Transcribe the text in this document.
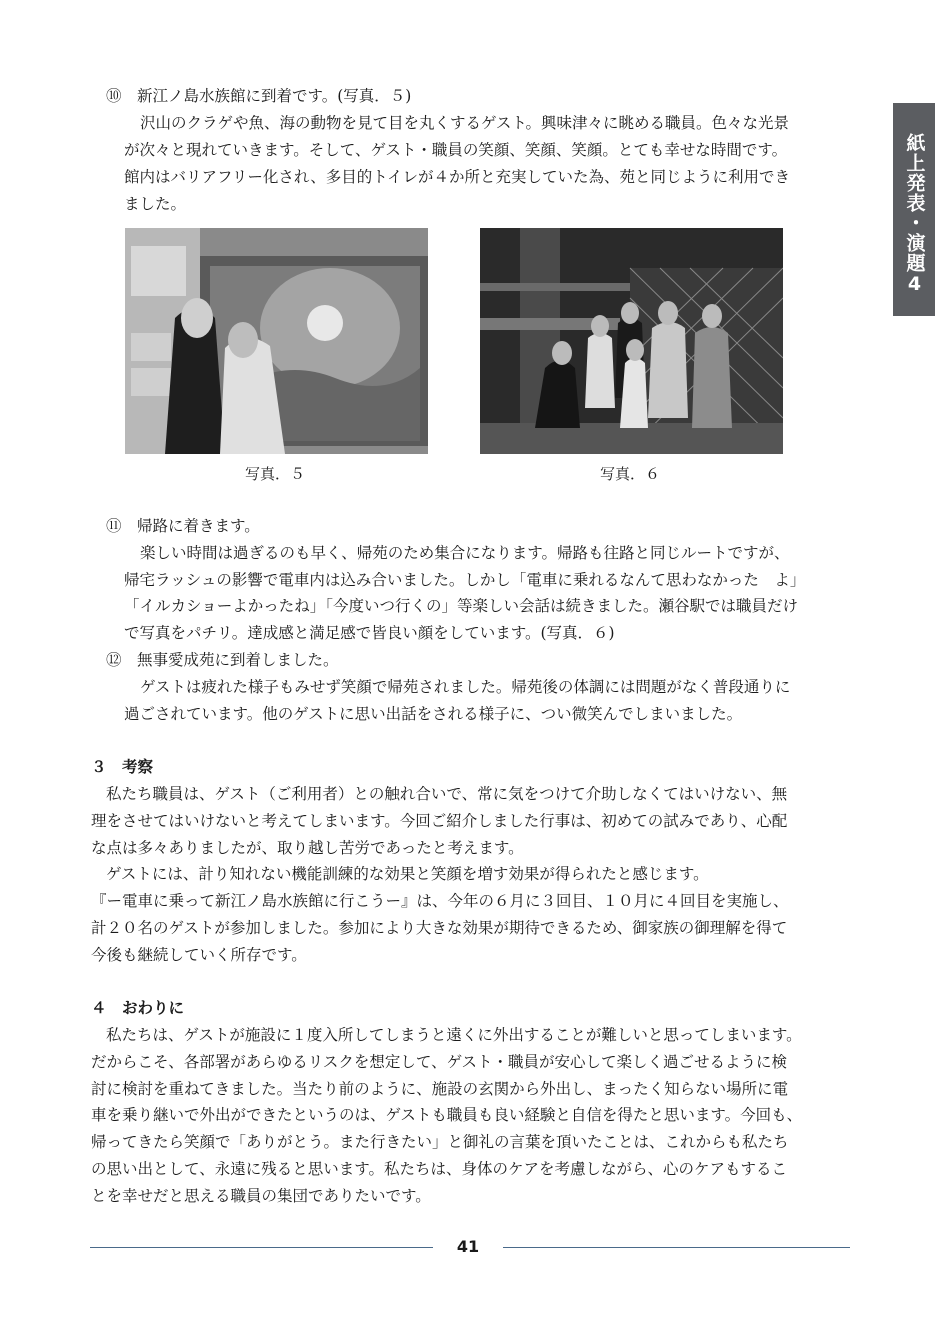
紙上発表・演題4
⑩　新江ノ島水族館に到着です。(写真．５)
沢山のクラゲや魚、海の動物を見て目を丸くするゲスト。興味津々に眺める職員。色々な光景
が次々と現れていきます。そして、ゲスト・職員の笑顔、笑顔、笑顔。とても幸せな時間です。
館内はバリアフリー化され、多目的トイレが４か所と充実していた為、苑と同じように利用でき
ました。
写真．５	写真．６
⑪　帰路に着きます。
楽しい時間は過ぎるのも早く、帰苑のため集合になります。帰路も往路と同じルートですが、
帰宅ラッシュの影響で電車内は込み合いました。しかし「電車に乗れるなんて思わなかった　よ」
「イルカショーよかったね」「今度いつ行くの」等楽しい会話は続きました。瀬谷駅では職員だけ
で写真をパチリ。達成感と満足感で皆良い顔をしています。(写真．６)
⑫　無事愛成苑に到着しました。
ゲストは疲れた様子もみせず笑顔で帰苑されました。帰苑後の体調には問題がなく普段通りに
過ごされています。他のゲストに思い出話をされる様子に、つい微笑んでしまいました。
３　考察
私たち職員は、ゲスト（ご利用者）との触れ合いで、常に気をつけて介助しなくてはいけない、無
理をさせてはいけないと考えてしまいます。今回ご紹介しました行事は、初めての試みであり、心配
な点は多々ありましたが、取り越し苦労であったと考えます。
ゲストには、計り知れない機能訓練的な効果と笑顔を増す効果が得られたと感じます。
『ー電車に乗って新江ノ島水族館に行こうー』は、今年の６月に３回目、１０月に４回目を実施し、
計２０名のゲストが参加しました。参加により大きな効果が期待できるため、御家族の御理解を得て
今後も継続していく所存です。
４　おわりに
私たちは、ゲストが施設に１度入所してしまうと遠くに外出することが難しいと思ってしまいます。
だからこそ、各部署があらゆるリスクを想定して、ゲスト・職員が安心して楽しく過ごせるように検
討に検討を重ねてきました。当たり前のように、施設の玄関から外出し、まったく知らない場所に電
車を乗り継いで外出ができたというのは、ゲストも職員も良い経験と自信を得たと思います。今回も、
帰ってきたら笑顔で「ありがとう。また行きたい」と御礼の言葉を頂いたことは、これからも私たち
の思い出として、永遠に残ると思います。私たちは、身体のケアを考慮しながら、心のケアもするこ
とを幸せだと思える職員の集団でありたいです。
41
